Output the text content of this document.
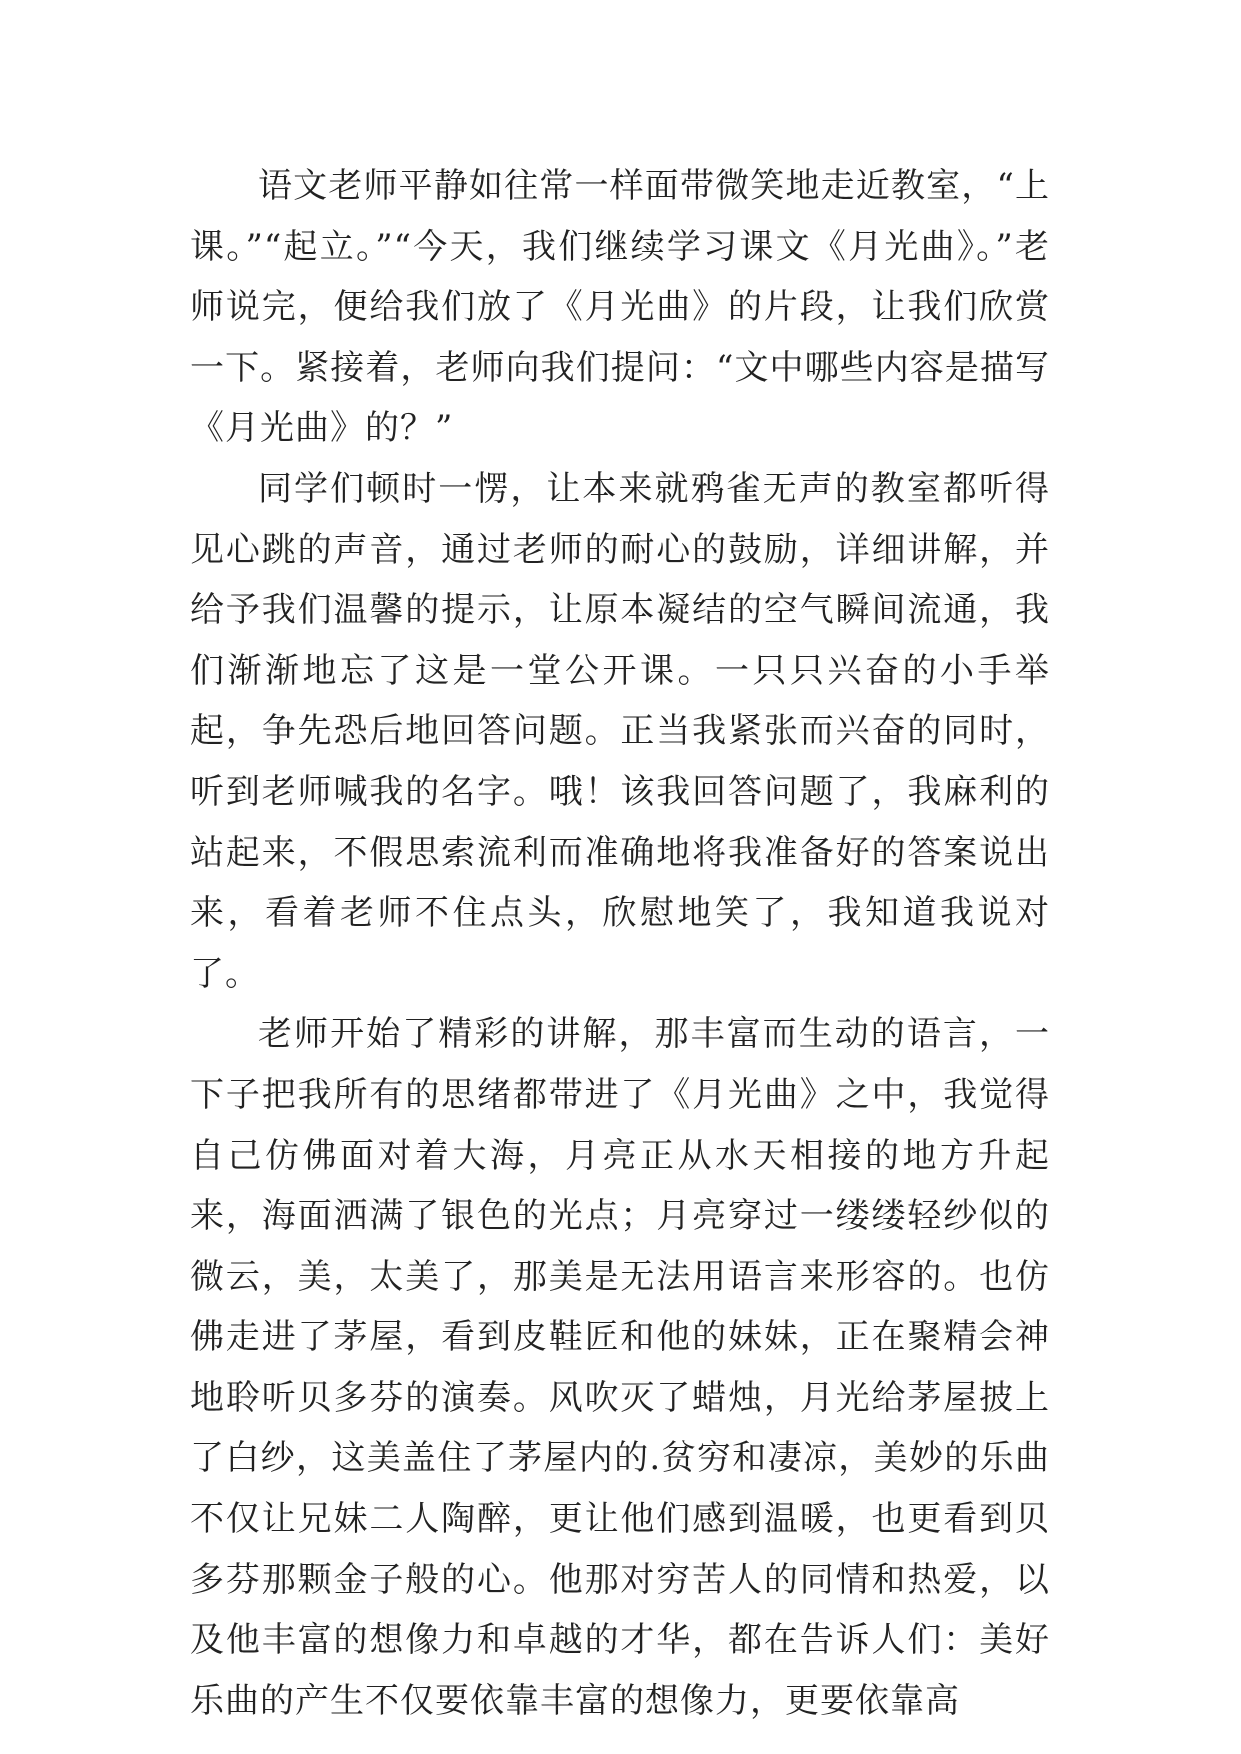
语文老师平静如往常一样面带微笑地走近教室，“上课。”“起立。”“今天，我们继续学习课文《月光曲》。”老师说完，便给我们放了《月光曲》的片段，让我们欣赏一下。紧接着，老师向我们提问：“文中哪些内容是描写《月光曲》的？”

同学们顿时一愣，让本来就鸦雀无声的教室都听得见心跳的声音，通过老师的耐心的鼓励，详细讲解，并给予我们温馨的提示，让原本凝结的空气瞬间流通，我们渐渐地忘了这是一堂公开课。一只只兴奋的小手举起，争先恐后地回答问题。正当我紧张而兴奋的同时，听到老师喊我的名字。哦！该我回答问题了，我麻利的站起来，不假思索流利而准确地将我准备好的答案说出来，看着老师不住点头，欣慰地笑了，我知道我说对了。

老师开始了精彩的讲解，那丰富而生动的语言，一下子把我所有的思绪都带进了《月光曲》之中，我觉得自己仿佛面对着大海，月亮正从水天相接的地方升起来，海面洒满了银色的光点；月亮穿过一缕缕轻纱似的微云，美，太美了，那美是无法用语言来形容的。也仿佛走进了茅屋，看到皮鞋匠和他的妹妹，正在聚精会神地聆听贝多芬的演奏。风吹灭了蜡烛，月光给茅屋披上了白纱，这美盖住了茅屋内的.贫穷和凄凉，美妙的乐曲不仅让兄妹二人陶醉，更让他们感到温暖，也更看到贝多芬那颗金子般的心。他那对穷苦人的同情和热爱，以及他丰富的想像力和卓越的才华，都在告诉人们：美好乐曲的产生不仅要依靠丰富的想像力，更要依靠高
